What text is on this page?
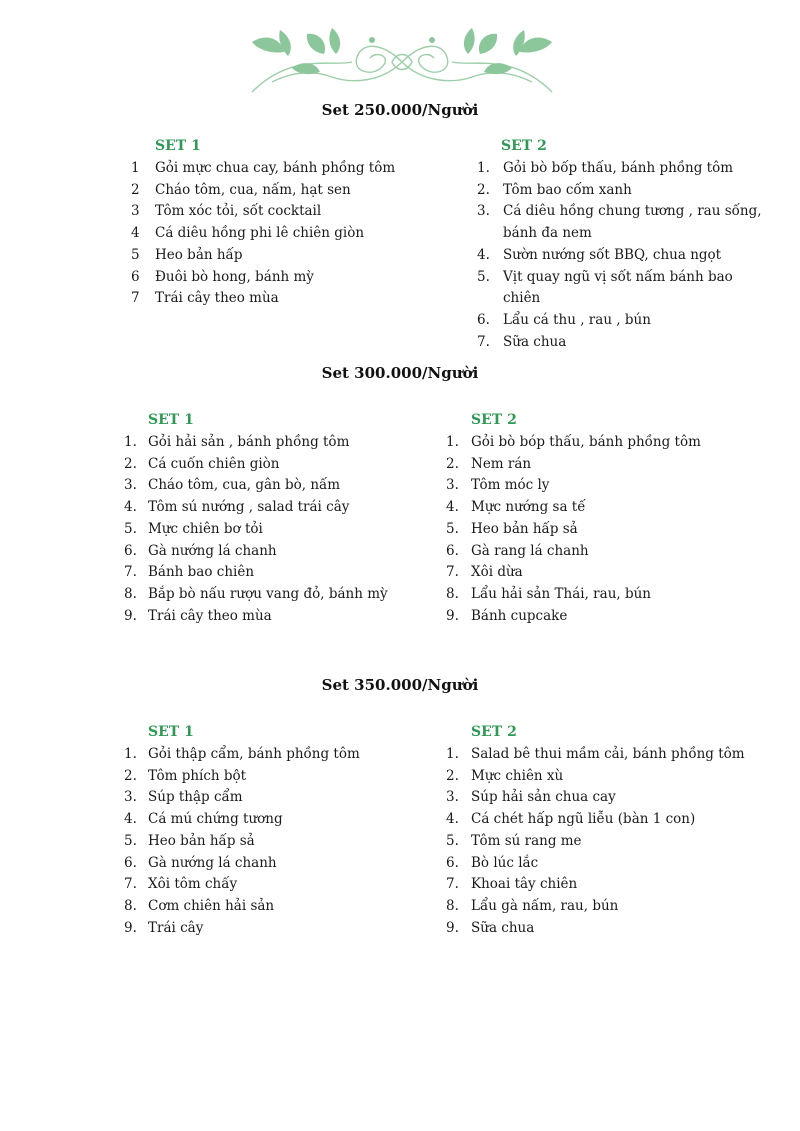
Set 250.000/Người
SET 1
1	Gỏi mực chua cay, bánh phồng tôm
2	Cháo tôm, cua, nấm, hạt sen
3	Tôm xóc tỏi, sốt cocktail
4	Cá diêu hồng phi lê chiên giòn
5	Heo bản hấp
6	Đuôi bò hong, bánh mỳ
7	Trái cây theo mùa
SET 2
1. Gỏi bò bốp thấu, bánh phồng tôm
2. Tôm bao cốm xanh
3. Cá diêu hồng chung tương , rau sống, bánh đa nem
4. Sườn nướng sốt BBQ, chua ngọt
5. Vịt quay ngũ vị sốt nấm bánh bao chiên
6. Lẩu cá thu , rau , bún
7. Sữa chua
Set 300.000/Người
SET 1
1. Gỏi hải sản , bánh phồng tôm
2. Cá cuốn chiên giòn
3. Cháo tôm, cua, gân bò, nấm
4. Tôm sú nướng , salad trái cây
5. Mực chiên bơ tỏi
6. Gà nướng lá chanh
7. Bánh bao chiên
8. Bắp bò nấu rượu vang đỏ, bánh mỳ
9. Trái cây theo mùa
SET 2
1. Gỏi bò bóp thấu, bánh phồng tôm
2. Nem rán
3. Tôm móc ly
4. Mực nướng sa tế
5. Heo bản hấp sả
6. Gà rang lá chanh
7. Xôi dừa
8. Lẩu hải sản Thái, rau, bún
9. Bánh cupcake
Set 350.000/Người
SET 1
1. Gỏi thập cẩm, bánh phồng tôm
2. Tôm phích bột
3. Súp thập cẩm
4. Cá mú chứng tương
5. Heo bản hấp sả
6. Gà nướng lá chanh
7. Xôi tôm chấy
8. Cơm chiên hải sản
9. Trái cây
SET 2
1. Salad bê thui mầm cải, bánh phồng tôm
2. Mực chiên xù
3. Súp hải sản chua cay
4. Cá chét hấp ngũ liễu (bàn 1 con)
5. Tôm sú rang me
6. Bò lúc lắc
7. Khoai tây chiên
8. Lẩu gà nấm, rau, bún
9. Sữa chua
